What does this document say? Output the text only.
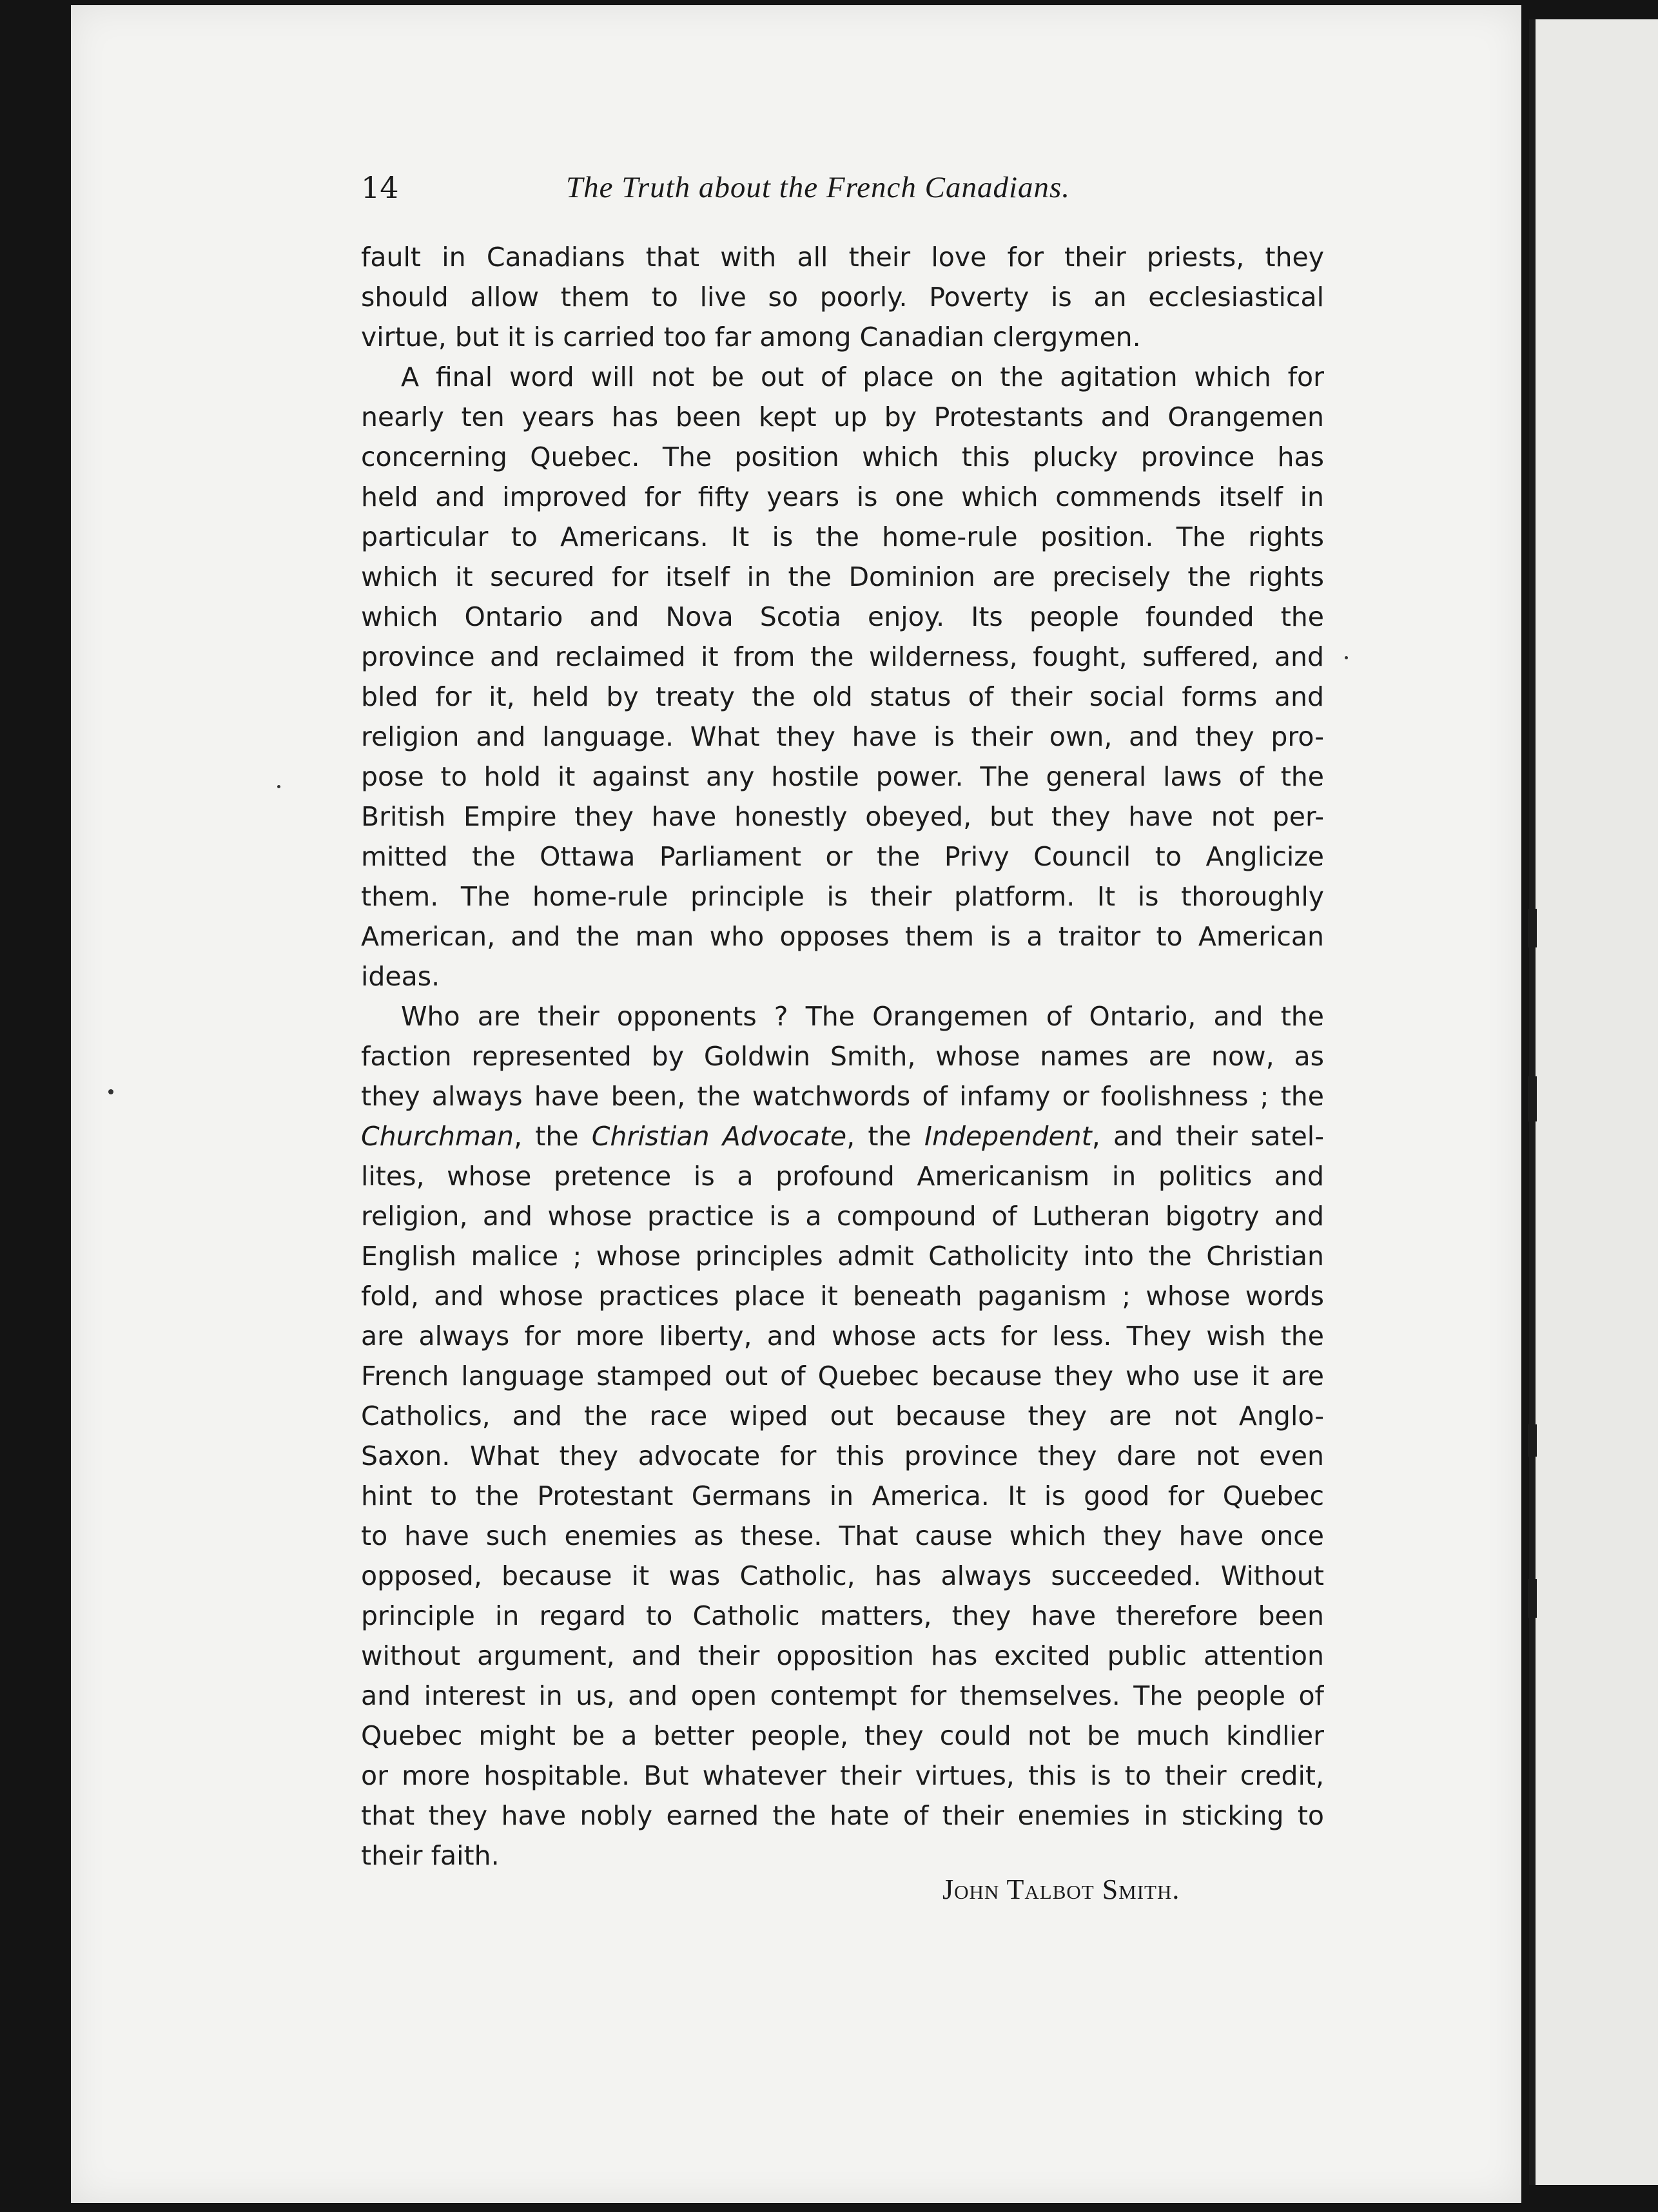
14	The Truth about the French Canadians.
fault in Canadians that with all their love for their priests, they
should allow them to live so poorly. Poverty is an ecclesiastical
virtue, but it is carried too far among Canadian clergymen.
A final word will not be out of place on the agitation which for
nearly ten years has been kept up by Protestants and Orangemen
concerning Quebec. The position which this plucky province has
held and improved for fifty years is one which commends itself in
particular to Americans. It is the home-rule position. The rights
which it secured for itself in the Dominion are precisely the rights
which Ontario and Nova Scotia enjoy. Its people founded the
province and reclaimed it from the wilderness, fought, suffered, and
bled for it, held by treaty the old status of their social forms and
religion and language. What they have is their own, and they pro-
pose to hold it against any hostile power. The general laws of the
British Empire they have honestly obeyed, but they have not per-
mitted the Ottawa Parliament or the Privy Council to Anglicize
them. The home-rule principle is their platform. It is thoroughly
American, and the man who opposes them is a traitor to American
ideas.
Who are their opponents ? The Orangemen of Ontario, and the
faction represented by Goldwin Smith, whose names are now, as
they always have been, the watchwords of infamy or foolishness ; the
Churchman, the Christian Advocate, the Independent, and their satel-
lites, whose pretence is a profound Americanism in politics and
religion, and whose practice is a compound of Lutheran bigotry and
English malice ; whose principles admit Catholicity into the Christian
fold, and whose practices place it beneath paganism ; whose words
are always for more liberty, and whose acts for less. They wish the
French language stamped out of Quebec because they who use it are
Catholics, and the race wiped out because they are not Anglo-
Saxon. What they advocate for this province they dare not even
hint to the Protestant Germans in America. It is good for Quebec
to have such enemies as these. That cause which they have once
opposed, because it was Catholic, has always succeeded. Without
principle in regard to Catholic matters, they have therefore been
without argument, and their opposition has excited public attention
and interest in us, and open contempt for themselves. The people of
Quebec might be a better people, they could not be much kindlier
or more hospitable. But whatever their virtues, this is to their credit,
that they have nobly earned the hate of their enemies in sticking to
their faith.
John Talbot Smith.
